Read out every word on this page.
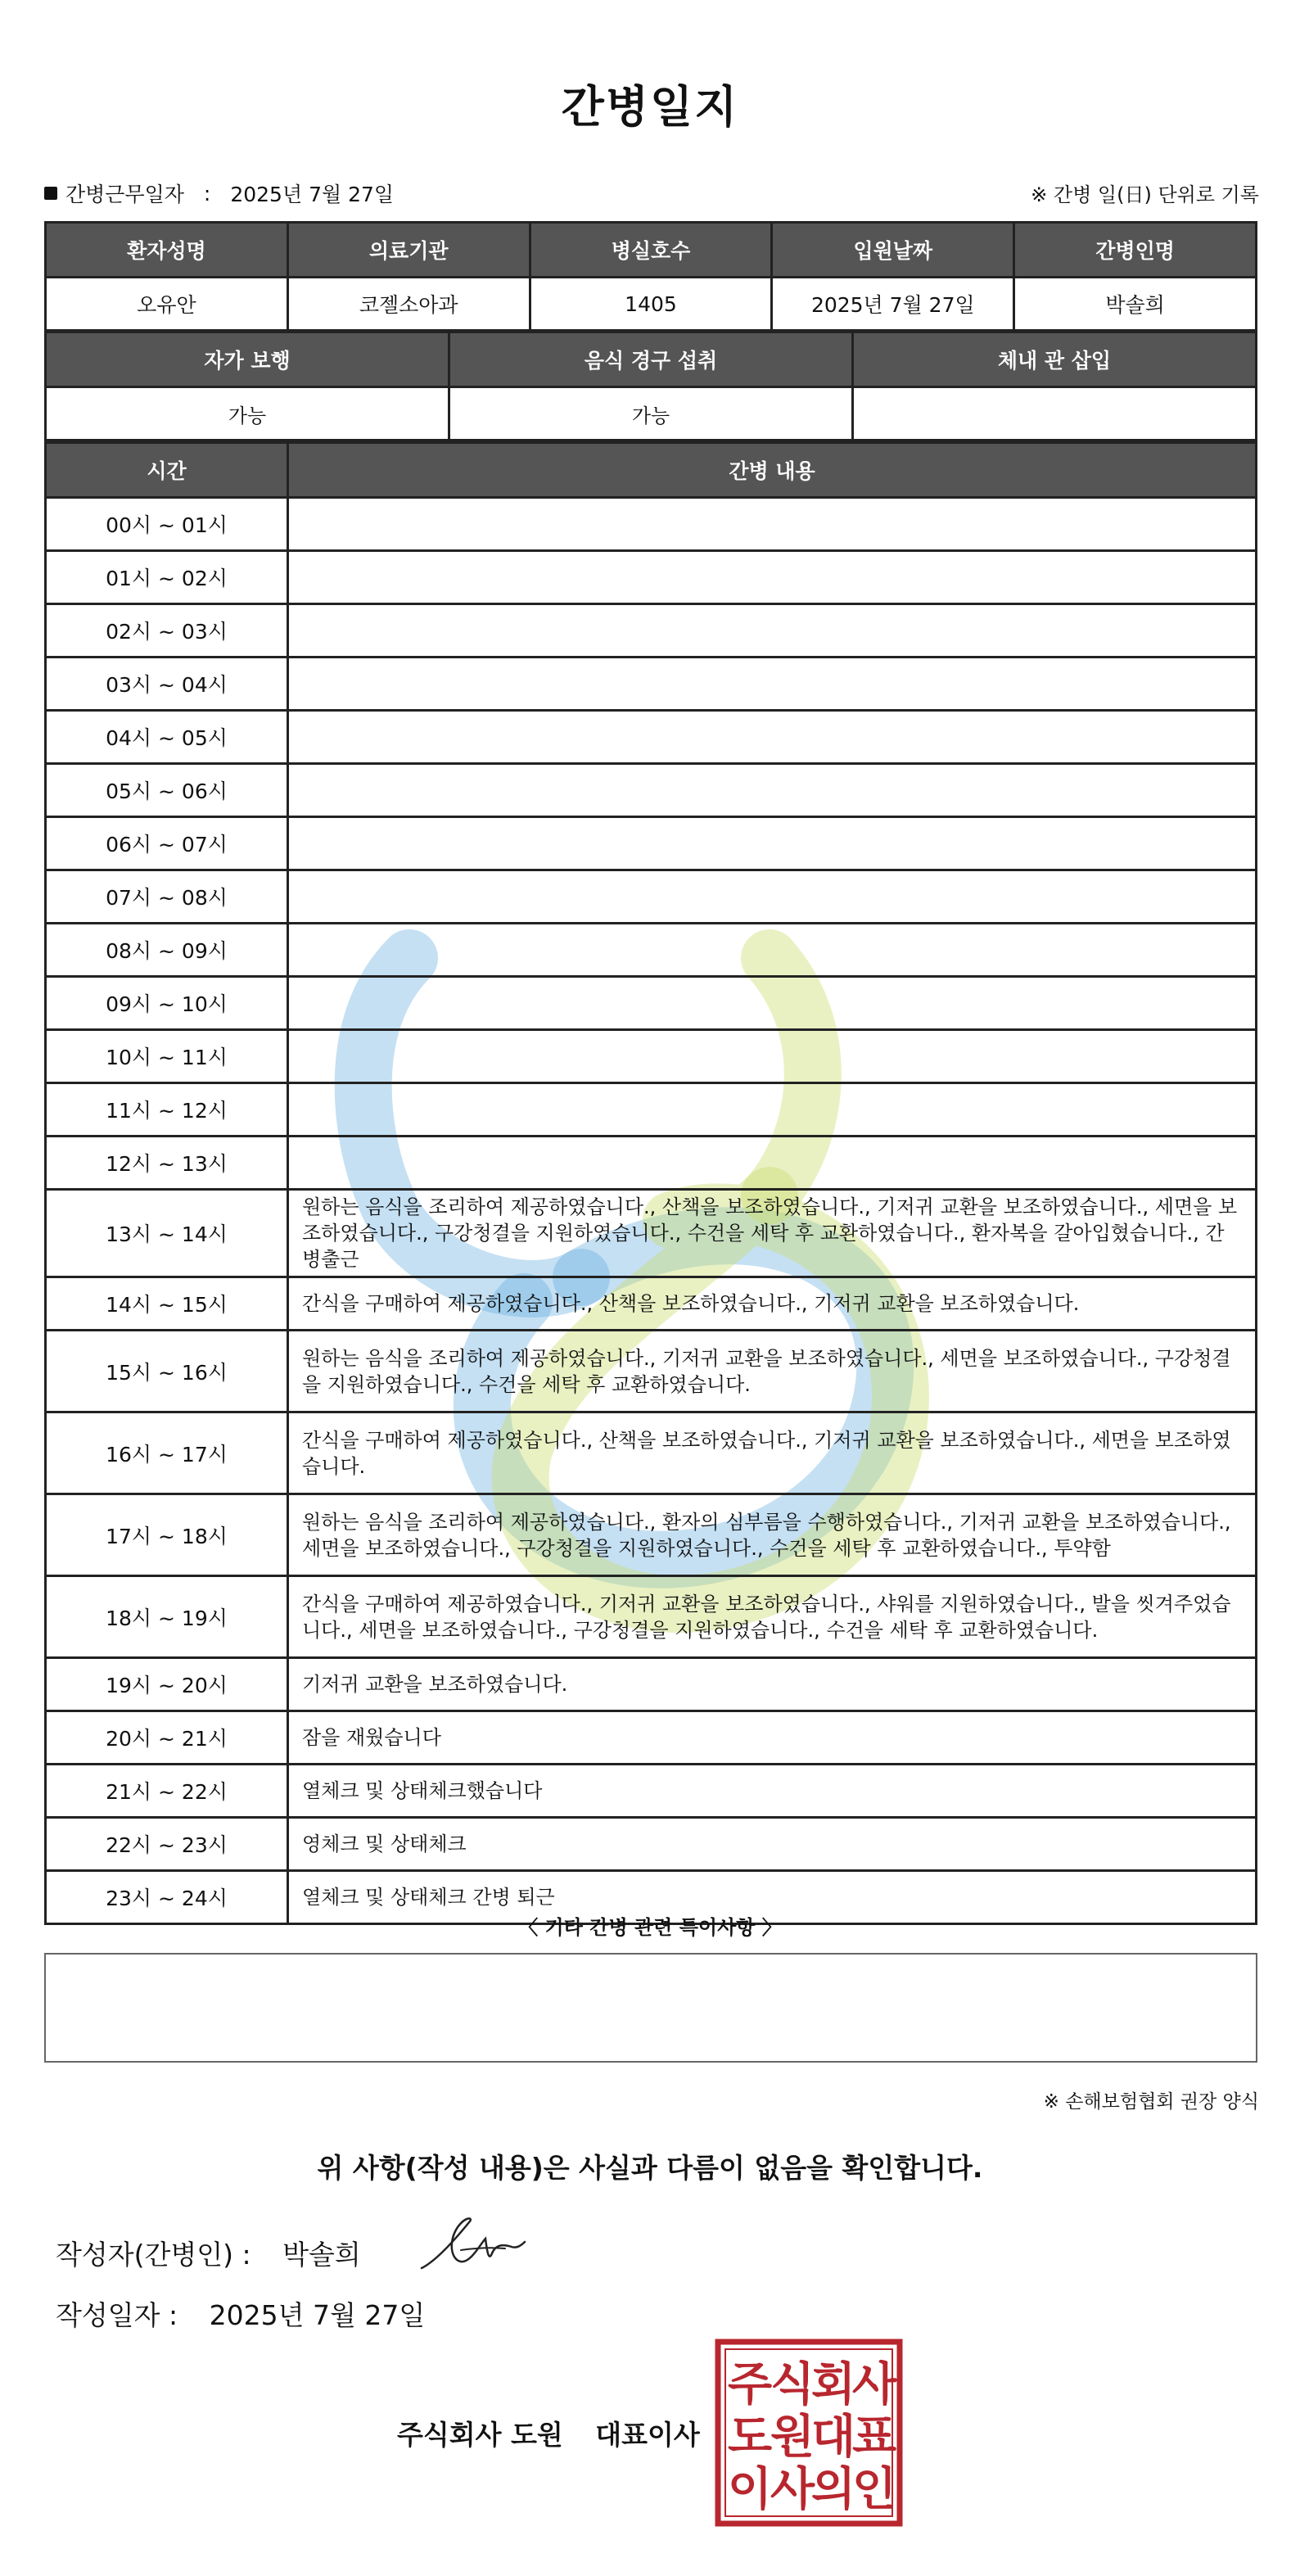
간병일지
간병근무일자 : 2025년 7월 27일	※ 간병 일(日) 단위로 기록
환자성명	의료기관	병실호수	입원날짜	간병인명
오유안	코젤소아과	1405	2025년 7월 27일	박솔희
자가 보행	음식 경구 섭취	체내 관 삽입
가능	가능	
시간	간병 내용
00시 ~ 01시	
01시 ~ 02시	
02시 ~ 03시	
03시 ~ 04시	
04시 ~ 05시	
05시 ~ 06시	
06시 ~ 07시	
07시 ~ 08시	
08시 ~ 09시	
09시 ~ 10시	
10시 ~ 11시	
11시 ~ 12시	
12시 ~ 13시	
13시 ~ 14시	원하는 음식을 조리하여 제공하였습니다., 산책을 보조하였습니다., 기저귀 교환을 보조하였습니다., 세면을 보조하였습니다., 구강청결을 지원하였습니다., 수건을 세탁 후 교환하였습니다., 환자복을 갈아입혔습니다., 간병출근
14시 ~ 15시	간식을 구매하여 제공하였습니다., 산책을 보조하였습니다., 기저귀 교환을 보조하였습니다.
15시 ~ 16시	원하는 음식을 조리하여 제공하였습니다., 기저귀 교환을 보조하였습니다., 세면을 보조하였습니다., 구강청결을 지원하였습니다., 수건을 세탁 후 교환하였습니다.
16시 ~ 17시	간식을 구매하여 제공하였습니다., 산책을 보조하였습니다., 기저귀 교환을 보조하였습니다., 세면을 보조하였습니다.
17시 ~ 18시	원하는 음식을 조리하여 제공하였습니다., 환자의 심부름을 수행하였습니다., 기저귀 교환을 보조하였습니다., 세면을 보조하였습니다., 구강청결을 지원하였습니다., 수건을 세탁 후 교환하였습니다., 투약함
18시 ~ 19시	간식을 구매하여 제공하였습니다., 기저귀 교환을 보조하였습니다., 샤워를 지원하였습니다., 발을 씻겨주었습니다., 세면을 보조하였습니다., 구강청결을 지원하였습니다., 수건을 세탁 후 교환하였습니다.
19시 ~ 20시	기저귀 교환을 보조하였습니다.
20시 ~ 21시	잠을 재웠습니다
21시 ~ 22시	열체크 및 상태체크했습니다
22시 ~ 23시	영체크 및 상태체크
23시 ~ 24시	열체크 및 상태체크 간병 퇴근
〈 기타 간병 관련 특이사항 〉
※ 손해보험협회 권장 양식
위 사항(작성 내용)은 사실과 다름이 없음을 확인합니다.
작성자(간병인) : 박솔희
작성일자 : 2025년 7월 27일
주식회사 도원 대표이사
주
식
회
사
도
원
대
표
이
사
의
인
